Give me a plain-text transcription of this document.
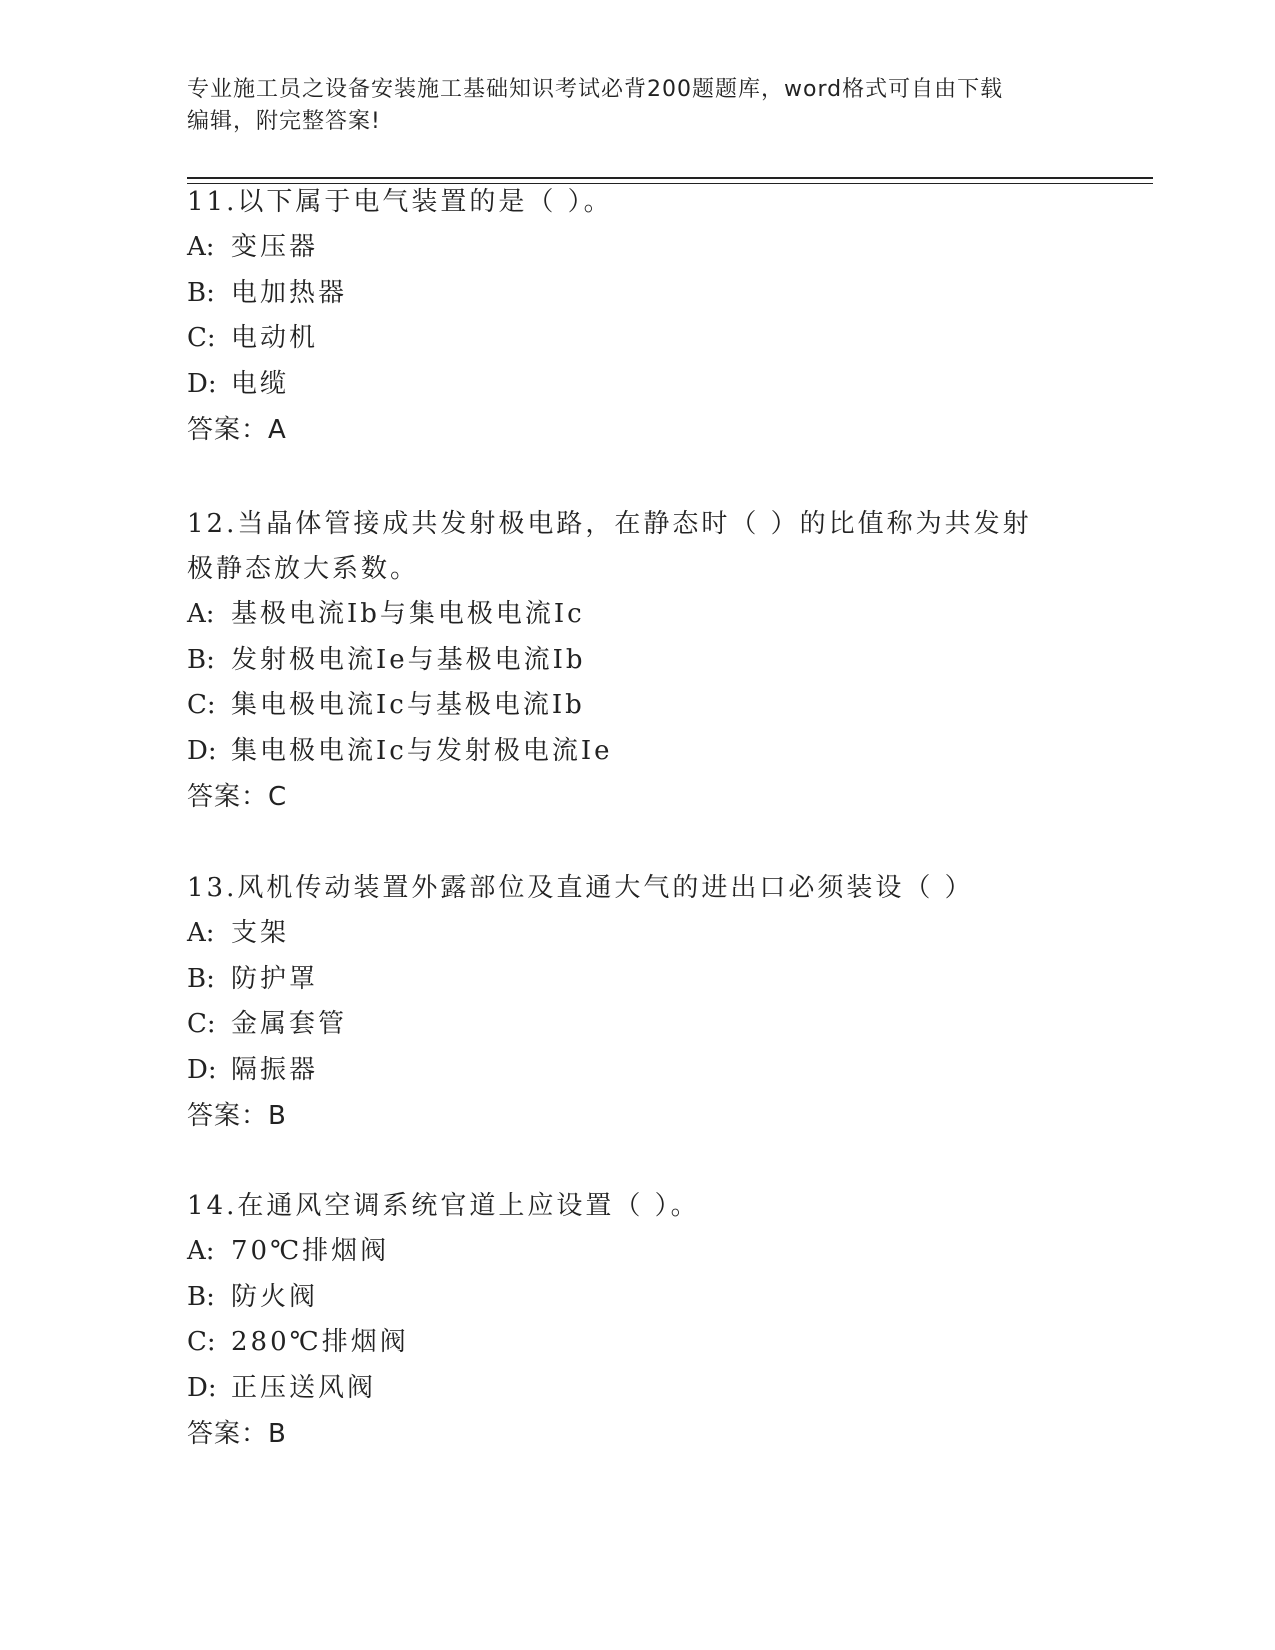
专业施工员之设备安装施工基础知识考试必背200题题库，word格式可自由下载
编辑，附完整答案!

11.以下属于电气装置的是（ ）。

A: 变压器

B: 电加热器

C: 电动机

D: 电缆

答案：A

12.当晶体管接成共发射极电路，在静态时（ ）的比值称为共发射极静态放大系数。

A: 基极电流Ib与集电极电流Ic

B: 发射极电流Ie与基极电流Ib

C: 集电极电流Ic与基极电流Ib

D: 集电极电流Ic与发射极电流Ie

答案：C

13.风机传动装置外露部位及直通大气的进出口必须装设（ ）

A: 支架

B: 防护罩

C: 金属套管

D: 隔振器

答案：B

14.在通风空调系统官道上应设置（ ）。

A: 70℃排烟阀

B: 防火阀

C: 280℃排烟阀

D: 正压送风阀

答案：B
